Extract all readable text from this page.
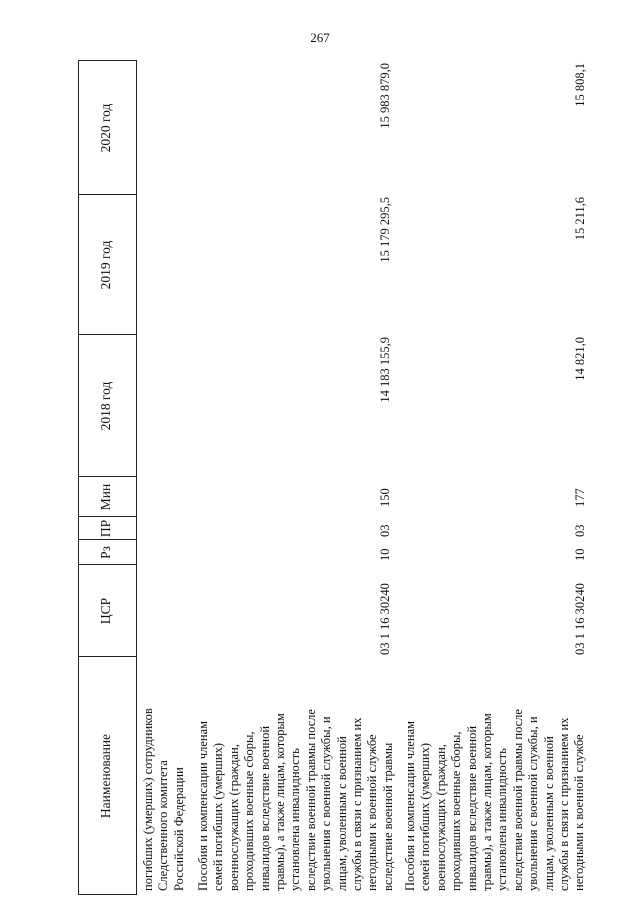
267
Наименование
ЦСР
Рз
ПР
Мин
2018 год
2019 год
2020 год

погибших (умерших) сотрудников Следственного комитета Российской Федерации Пособия и компенсации членам семей погибших (умерших) военнослужащих (граждан, проходивших военные сборы, инвалидов вследствие военной травмы), а также лицам, которым установлена инвалидность вследствие военной травмы после увольнения с военной службы, и лицам, уволенным с военной службы в связи с признанием их негодными к военной службе вследствие военной травмы

03 1 16 30240
10
03
150
14 183 155,9
15 179 295,5
15 983 879,0

Пособия и компенсации членам семей погибших (умерших) военнослужащих (граждан, проходивших военные сборы, инвалидов вследствие военной травмы), а также лицам, которым установлена инвалидность вследствие военной травмы после увольнения с военной службы, и лицам, уволенным с военной службы в связи с признанием их негодными к военной службе

03 1 16 30240
10
03
177
14 821,0
15 211,6
15 808,1
